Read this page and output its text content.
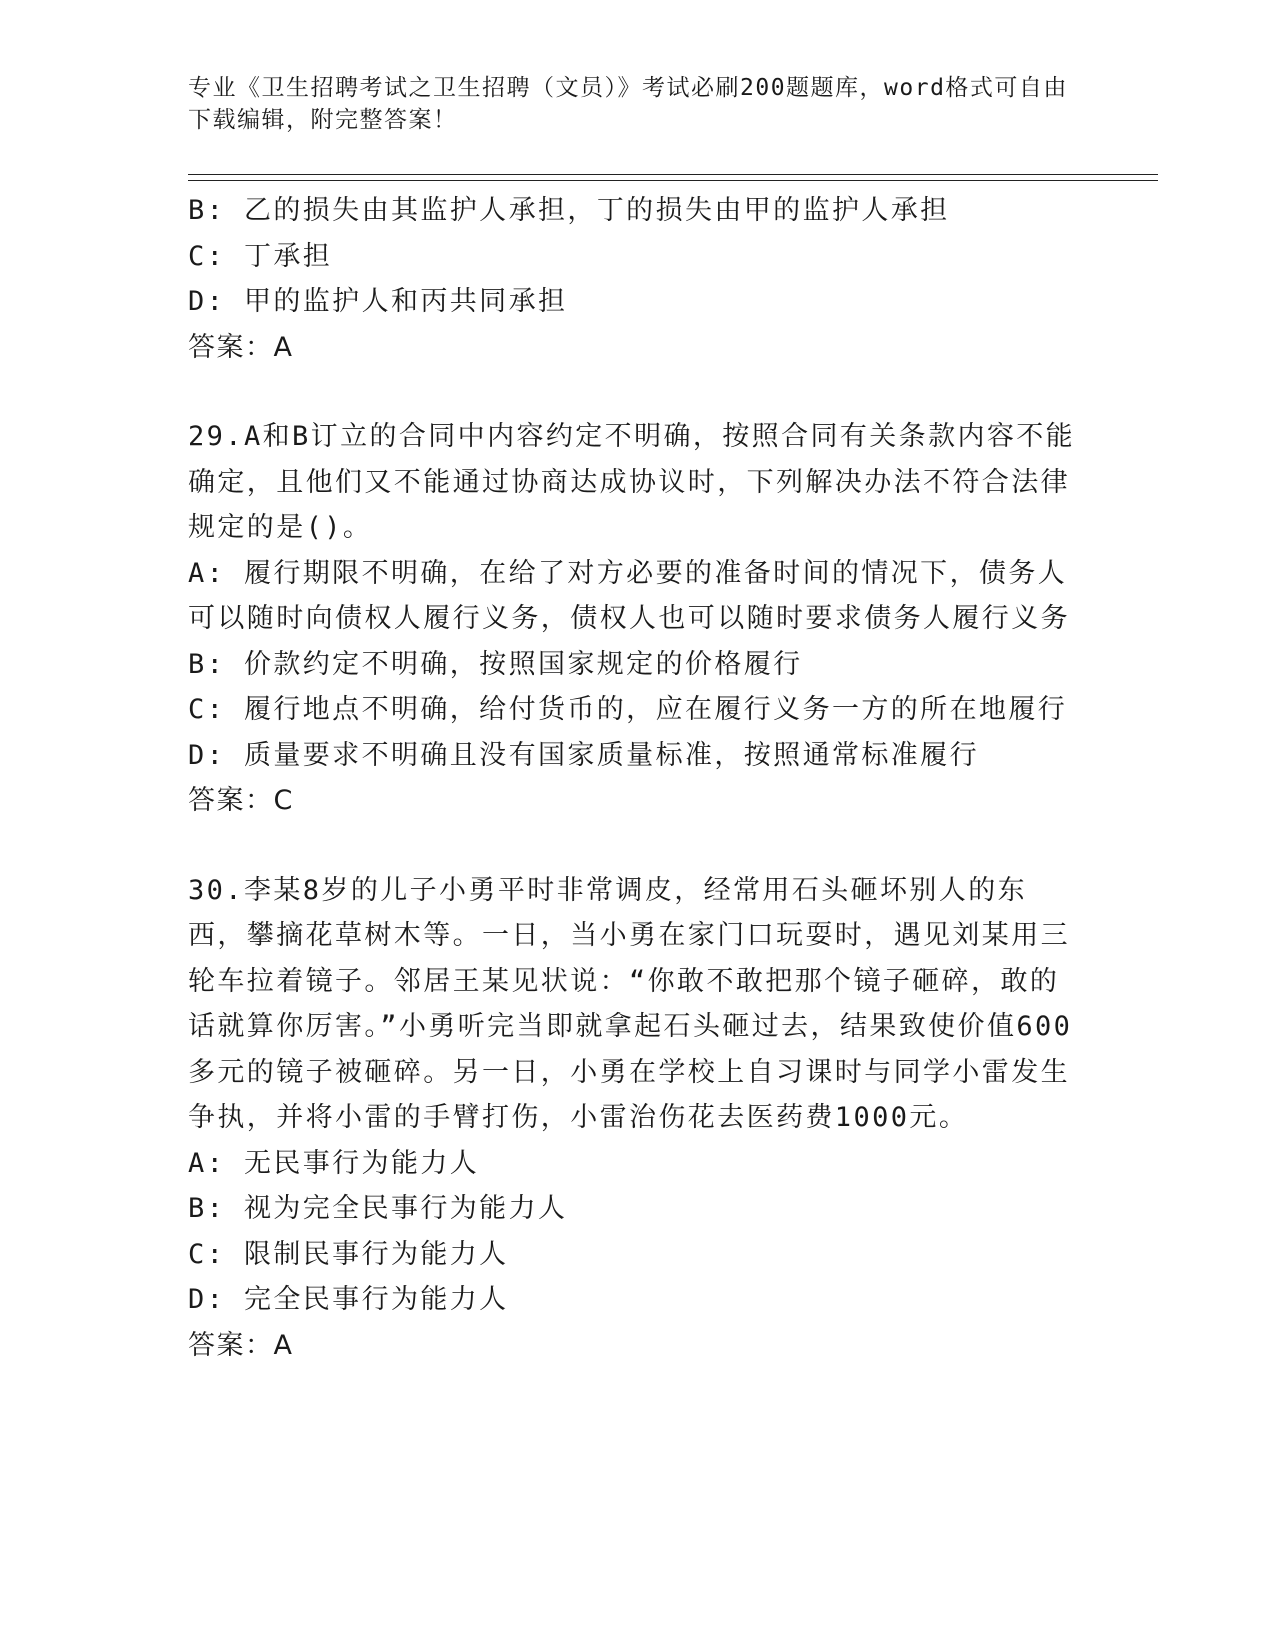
专业《卫生招聘考试之卫生招聘（文员）》考试必刷200题题库，word格式可自由下载编辑，附完整答案！
B: 乙的损失由其监护人承担，丁的损失由甲的监护人承担
C: 丁承担
D: 甲的监护人和丙共同承担
答案：A
29.A和B订立的合同中内容约定不明确，按照合同有关条款内容不能确定，且他们又不能通过协商达成协议时，下列解决办法不符合法律规定的是()。
A: 履行期限不明确，在给了对方必要的准备时间的情况下，债务人可以随时向债权人履行义务，债权人也可以随时要求债务人履行义务
B: 价款约定不明确，按照国家规定的价格履行
C: 履行地点不明确，给付货币的，应在履行义务一方的所在地履行
D: 质量要求不明确且没有国家质量标准，按照通常标准履行
答案：C
30.李某8岁的儿子小勇平时非常调皮，经常用石头砸坏别人的东西，攀摘花草树木等。一日，当小勇在家门口玩耍时，遇见刘某用三轮车拉着镜子。邻居王某见状说：“你敢不敢把那个镜子砸碎，敢的话就算你厉害。”小勇听完当即就拿起石头砸过去，结果致使价值600多元的镜子被砸碎。另一日，小勇在学校上自习课时与同学小雷发生争执，并将小雷的手臂打伤，小雷治伤花去医药费1000元。
A: 无民事行为能力人
B: 视为完全民事行为能力人
C: 限制民事行为能力人
D: 完全民事行为能力人
答案：A
